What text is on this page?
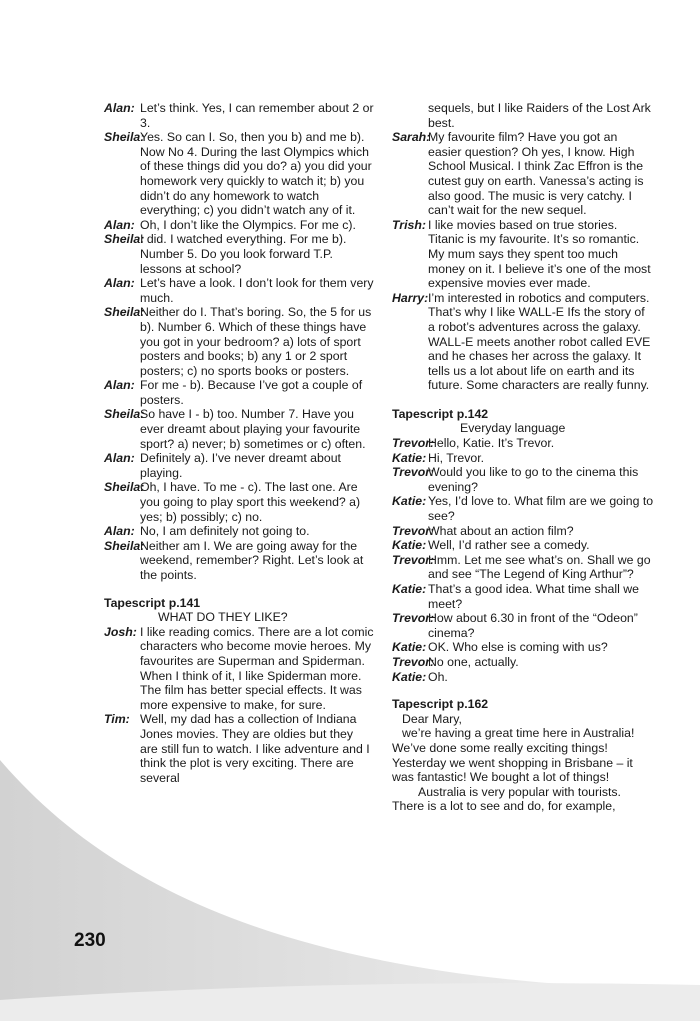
Alan: Let’s think. Yes, I can remember about 2 or 3.
Sheila:
Yes. So can I. So, then you b) and me b). Now No 4. During the last Olympics which of these things did you do? a) you did your homework very quickly to watch it; b) you didn’t do any homework to watch everything; c) you didn’t watch any of it.
Alan: Oh, I don’t like the Olympics. For me c).
Sheila:
I did. I watched everything. For me b). Number 5. Do you look forward T.P. lessons at school?
Alan: Let’s have a look. I don’t look for them very much.
Sheila:
Neither do I. That’s boring. So, the 5 for us b). Number 6. Which of these things have you got in your bedroom? a) lots of sport posters and books; b) any 1 or 2 sport posters; c) no sports books or posters.
Alan: For me - b). Because I’ve got a couple of posters.
Sheila:
So have I - b) too. Number 7. Have you ever dreamt about playing your favourite sport? a) never; b) sometimes or c) often.
Alan: Definitely a). I’ve never dreamt about playing.
Sheila:
Oh, I have. To me - c). The last one. Are you going to play sport this weekend? a) yes; b) possibly; c) no.
Alan: No, I am definitely not going to.
Sheila:
Neither am I. We are going away for the weekend, remember? Right. Let’s look at the points.
Tapescript p.141
WHAT DO THEY LIKE?
Josh: I like reading comics. There are a lot comic characters who become movie heroes. My favourites are Superman and Spiderman. When I think of it, I like Spiderman more. The film has better special effects. It was more expensive to make, for sure.
Tim: Well, my dad has a collection of Indiana Jones movies. They are oldies but they are still fun to watch. I like adventure and I think the plot is very exciting. There are several
sequels, but I like Raiders of the Lost Ark best.
Sarah:
My favourite film? Have you got an easier question? Oh yes, I know. High School Musical. I think Zac Effron is the cutest guy on earth. Vanessa’s acting is also good. The music is very catchy. I can’t wait for the new sequel.
Trish: I like movies based on true stories. Titanic is my favourite. It’s so romantic. My mum says they spent too much money on it. I believe it’s one of the most expensive movies ever made.
Harry: I’m interested in robotics and computers. That’s why I like WALL-E Ifs the story of a robot’s adventures across the galaxy. WALL-E meets another robot called EVE and he chases her across the galaxy. It tells us a lot about life on earth and its future. Some characters are really funny.
Tapescript p.142
Everyday language
Trevor:
Hello, Katie. It’s Trevor.
Katie: Hi, Trevor.
Trevor:
Would you like to go to the cinema this evening?
Katie: Yes, I’d love to. What film are we going to see?
Trevor:
What about an action film?
Katie: Well, I’d rather see a comedy.
Trevor:
Hmm. Let me see what’s on. Shall we go and see “The Legend of King Arthur”?
Katie: That’s a good idea. What time shall we meet?
Trevor:
How about 6.30 in front of the “Odeon” cinema?
Katie: OK. Who else is coming with us?
Trevor:
No one, actually.
Katie: Oh.
Tapescript p.162
Dear Mary,
we’re having a great time here in Australia! We’ve done some really exciting things! Yesterday we went shopping in Brisbane – it was fantastic! We bought a lot of things!
Australia is very popular with tourists. There is a lot to see and do, for example,
230
